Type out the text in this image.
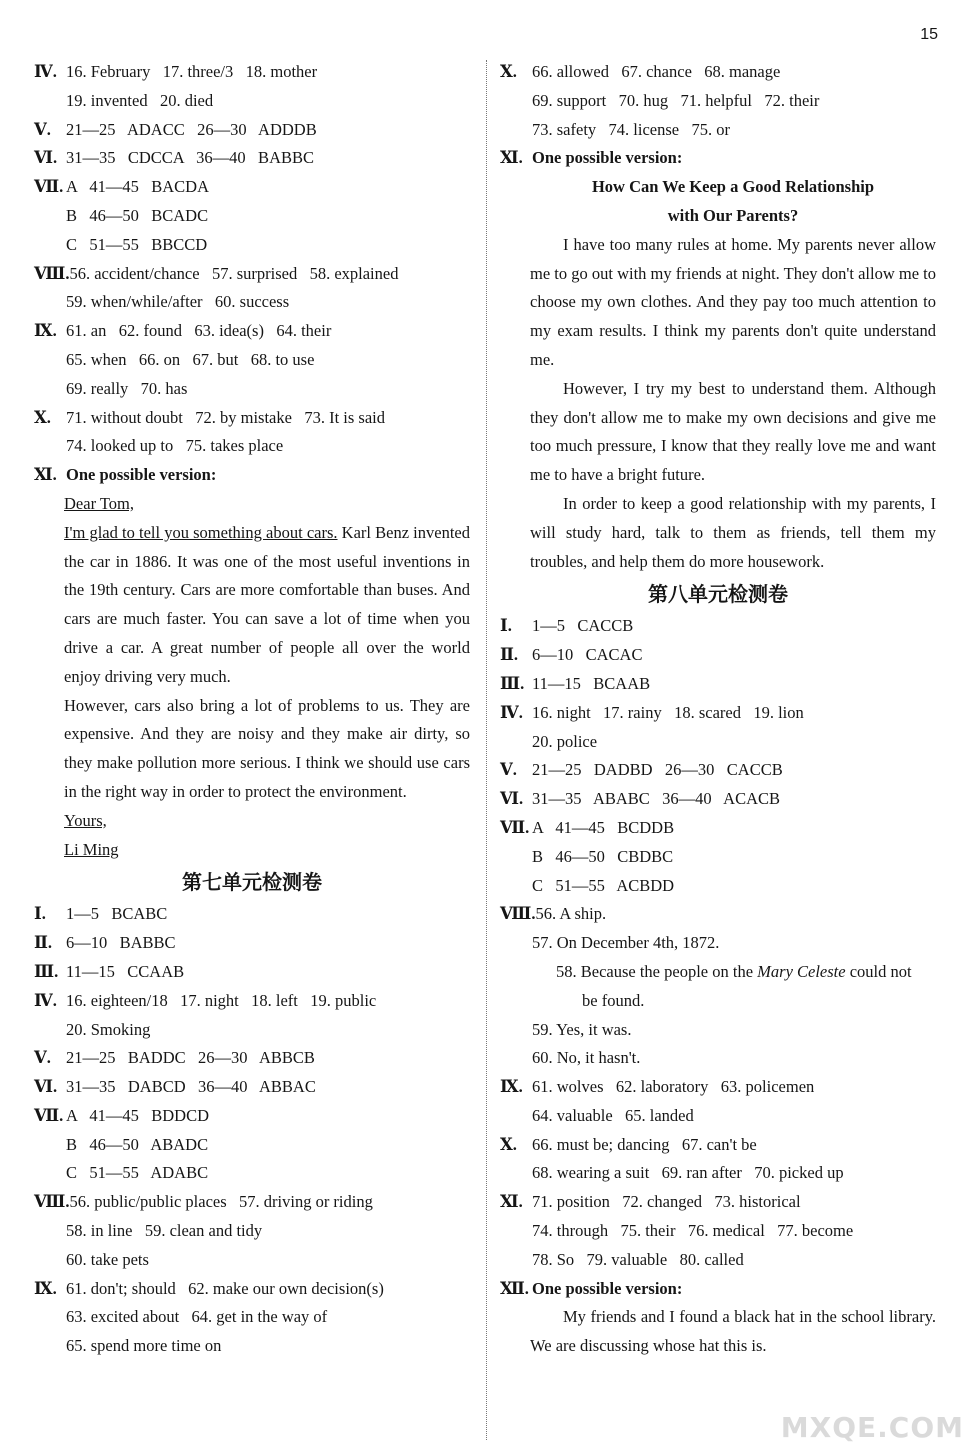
15
Ⅳ. 16. February   17. three/3   18. mother
19. invented   20. died
Ⅴ. 21—25   ADACC   26—30   ADDDB
Ⅵ. 31—35   CDCCA   36—40   BABBC
Ⅶ. A   41—45   BACDA
B   46—50   BCADC
C   51—55   BBCCD
Ⅷ.56. accident/chance   57. surprised   58. explained
59. when/while/after   60. success
Ⅸ. 61. an   62. found   63. idea(s)   64. their
65. when   66. on   67. but   68. to use
69. really   70. has
Ⅹ. 71. without doubt   72. by mistake   73. It is said
74. looked up to   75. takes place
Ⅺ. One possible version:
Dear Tom,
I'm glad to tell you something about cars. Karl Benz invented the car in 1886. It was one of the most useful inventions in the 19th century. Cars are more comfortable than buses. And cars are much faster. You can save a lot of time when you drive a car. A great number of people all over the world enjoy driving very much.
However, cars also bring a lot of problems to us. They are expensive. And they are noisy and they make air dirty, so they make pollution more serious. I think we should use cars in the right way in order to protect the environment.
Yours,
Li Ming
第七单元检测卷
Ⅰ. 1—5   BCABC
Ⅱ. 6—10   BABBC
Ⅲ. 11—15   CCAAB
Ⅳ. 16. eighteen/18   17. night   18. left   19. public
20. Smoking
Ⅴ. 21—25   BADDC   26—30   ABBCB
Ⅵ. 31—35   DABCD   36—40   ABBAC
Ⅶ. A   41—45   BDDCD
B   46—50   ABADC
C   51—55   ADABC
Ⅷ.56. public/public places   57. driving or riding
58. in line   59. clean and tidy
60. take pets
Ⅸ. 61. don't; should   62. make our own decision(s)
63. excited about   64. get in the way of
65. spend more time on
Ⅹ. 66. allowed   67. chance   68. manage
69. support   70. hug   71. helpful   72. their
73. safety   74. license   75. or
Ⅺ. One possible version:
How Can We Keep a Good Relationship
with Our Parents?
I have too many rules at home. My parents never allow me to go out with my friends at night. They don't allow me to choose my own clothes. And they pay too much attention to my exam results. I think my parents don't quite understand me.
However, I try my best to understand them. Although they don't allow me to make my own decisions and give me too much pressure, I know that they really love me and want me to have a bright future.
In order to keep a good relationship with my parents, I will study hard, talk to them as friends, tell them my troubles, and help them do more housework.
第八单元检测卷
Ⅰ. 1—5   CACCB
Ⅱ. 6—10   CACAC
Ⅲ. 11—15   BCAAB
Ⅳ. 16. night   17. rainy   18. scared   19. lion
20. police
Ⅴ. 21—25   DADBD   26—30   CACCB
Ⅵ. 31—35   ABABC   36—40   ACACB
Ⅶ. A   41—45   BCDDB
B   46—50   CBDBC
C   51—55   ACBDD
Ⅷ.56. A ship.
57. On December 4th, 1872.
58. Because the people on the Mary Celeste could not
be found.
59. Yes, it was.
60. No, it hasn't.
Ⅸ. 61. wolves   62. laboratory   63. policemen
64. valuable   65. landed
Ⅹ. 66. must be; dancing   67. can't be
68. wearing a suit   69. ran after   70. picked up
Ⅺ. 71. position   72. changed   73. historical
74. through   75. their   76. medical   77. become
78. So   79. valuable   80. called
Ⅻ. One possible version:
My friends and I found a black hat in the school library. We are discussing whose hat this is.
MXQE.COM
